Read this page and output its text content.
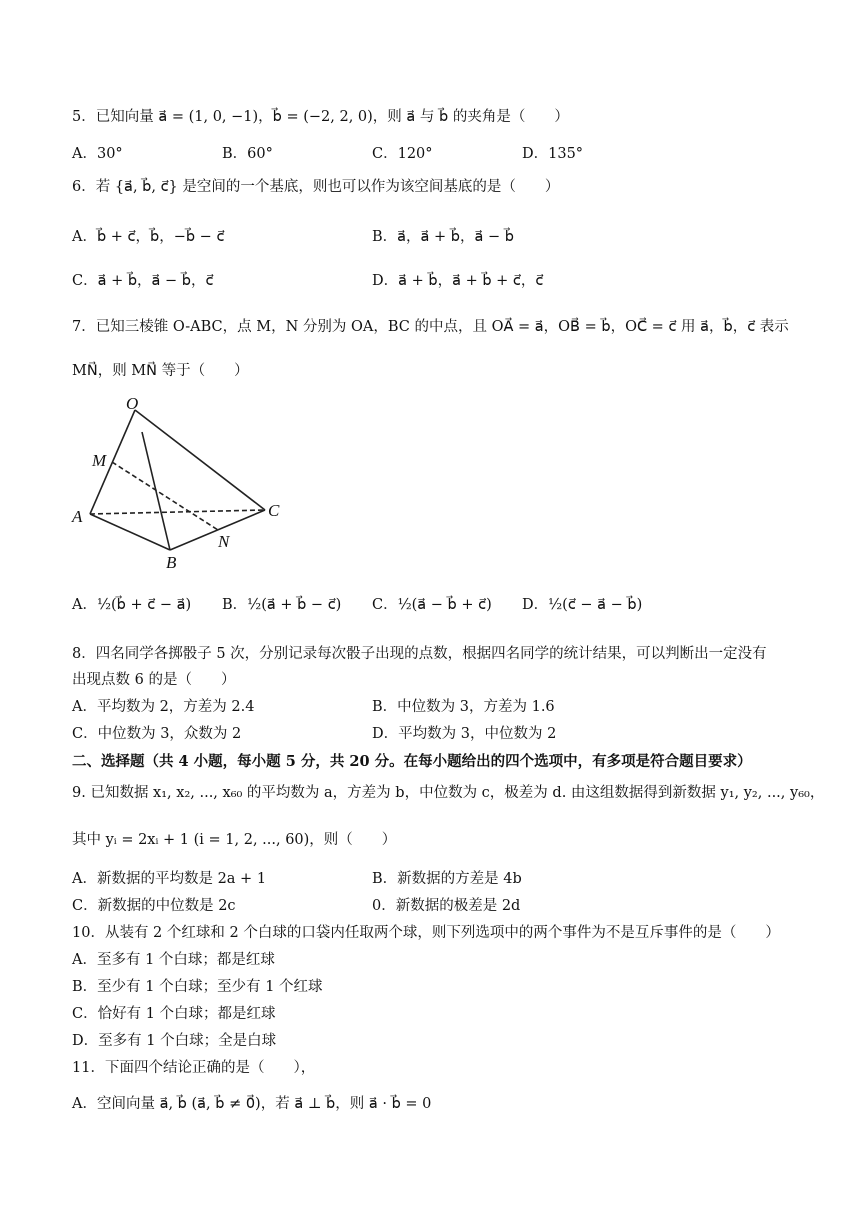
5．已知向量 a⃗ = (1, 0, −1)，b⃗ = (−2, 2, 0)，则 a⃗ 与 b⃗ 的夹角是（　　）
A．30°	B．60°	C．120°	D．135°
6．若 {a⃗, b⃗, c⃗} 是空间的一个基底，则也可以作为该空间基底的是（　　）
A．b⃗ + c⃗，b⃗，−b⃗ − c⃗	B．a⃗，a⃗ + b⃗，a⃗ − b⃗
C．a⃗ + b⃗，a⃗ − b⃗，c⃗	D．a⃗ + b⃗，a⃗ + b⃗ + c⃗，c⃗
7．已知三棱锥 O-ABC，点 M，N 分别为 OA，BC 的中点，且 OA⃗ = a⃗，OB⃗ = b⃗，OC⃗ = c⃗ 用 a⃗，b⃗，c⃗ 表示
MN⃗，则 MN⃗ 等于（　　）
O
M
A	C
N
B
A．½(b⃗ + c⃗ − a⃗) B．½(a⃗ + b⃗ − c⃗) C．½(a⃗ − b⃗ + c⃗) D．½(c⃗ − a⃗ − b⃗)
8．四名同学各掷骰子 5 次，分别记录每次骰子出现的点数，根据四名同学的统计结果，可以判断出一定没有
出现点数 6 的是（　　）
A．平均数为 2，方差为 2.4	B．中位数为 3，方差为 1.6
C．中位数为 3，众数为 2	D．平均数为 3，中位数为 2
二、选择题（共 4 小题，每小题 5 分，共 20 分。在每小题给出的四个选项中，有多项是符合题目要求）
9. 已知数据 x₁, x₂, ..., x₆₀ 的平均数为 a，方差为 b，中位数为 c，极差为 d. 由这组数据得到新数据 y₁, y₂, ..., y₆₀，
其中 yᵢ = 2xᵢ + 1 (i = 1, 2, ..., 60)，则（　　）
A．新数据的平均数是 2a + 1	B．新数据的方差是 4b
C．新数据的中位数是 2c	0．新数据的极差是 2d
10．从装有 2 个红球和 2 个白球的口袋内任取两个球，则下列选项中的两个事件为不是互斥事件的是（　　）
A．至多有 1 个白球；都是红球
B．至少有 1 个白球；至少有 1 个红球
C．恰好有 1 个白球；都是红球
D．至多有 1 个白球；全是白球
11．下面四个结论正确的是（　　），
A．空间向量 a⃗, b⃗ (a⃗, b⃗ ≠ 0⃗)，若 a⃗ ⊥ b⃗，则 a⃗ · b⃗ = 0
